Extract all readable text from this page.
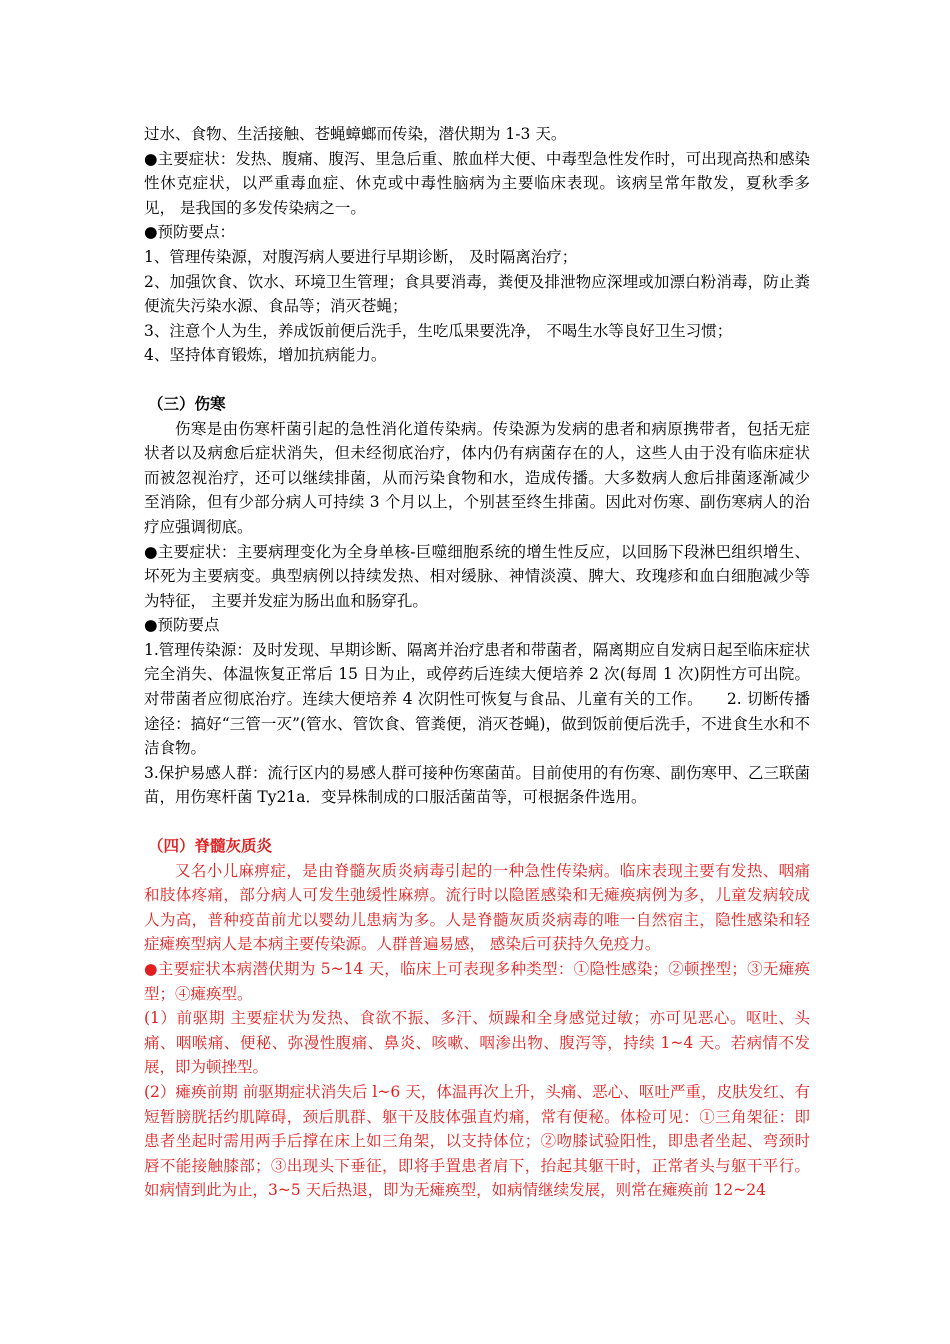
过水、食物、生活接触、苍蝇蟑螂而传染，潜伏期为 1-3 天。

●主要症状：发热、腹痛、腹泻、里急后重、脓血样大便、中毒型急性发作时，可出现高热和感染性休克症状，以严重毒血症、休克或中毒性脑病为主要临床表现。该病呈常年散发，夏秋季多见， 是我国的多发传染病之一。

●预防要点：

1、管理传染源，对腹泻病人要进行早期诊断， 及时隔离治疗；

2、加强饮食、饮水、环境卫生管理；食具要消毒，粪便及排泄物应深埋或加漂白粉消毒，防止粪便流失污染水源、食品等；消灭苍蝇；

3、注意个人为生，养成饭前便后洗手，生吃瓜果要洗净， 不喝生水等良好卫生习惯；

4、坚持体育锻炼，增加抗病能力。

（三）伤寒

伤寒是由伤寒杆菌引起的急性消化道传染病。传染源为发病的患者和病原携带者，包括无症状者以及病愈后症状消失，但未经彻底治疗，体内仍有病菌存在的人，这些人由于没有临床症状而被忽视治疗，还可以继续排菌，从而污染食物和水，造成传播。大多数病人愈后排菌逐渐减少至消除，但有少部分病人可持续 3 个月以上，个别甚至终生排菌。因此对伤寒、副伤寒病人的治疗应强调彻底。

●主要症状：主要病理变化为全身单核-巨噬细胞系统的增生性反应，以回肠下段淋巴组织增生、坏死为主要病变。典型病例以持续发热、相对缓脉、神情淡漠、脾大、玫瑰疹和血白细胞减少等为特征， 主要并发症为肠出血和肠穿孔。

●预防要点

1.管理传染源：及时发现、早期诊断、隔离并治疗患者和带菌者，隔离期应自发病日起至临床症状完全消失、体温恢复正常后 15 日为止，或停药后连续大便培养 2 次(每周 1 次)阴性方可出院。对带菌者应彻底治疗。连续大便培养 4 次阴性可恢复与食品、儿童有关的工作。　　2. 切断传播途径：搞好“三管一灭”(管水、管饮食、管粪便，消灭苍蝇)，做到饭前便后洗手，不进食生水和不洁食物。

3.保护易感人群：流行区内的易感人群可接种伤寒菌苗。目前使用的有伤寒、副伤寒甲、乙三联菌苗，用伤寒杆菌 Ty21a．变异株制成的口服活菌苗等，可根据条件选用。

（四）脊髓灰质炎

又名小儿麻痹症，是由脊髓灰质炎病毒引起的一种急性传染病。临床表现主要有发热、咽痛和肢体疼痛，部分病人可发生弛缓性麻痹。流行时以隐匿感染和无瘫痪病例为多，儿童发病较成人为高，普种疫苗前尤以婴幼儿患病为多。人是脊髓灰质炎病毒的唯一自然宿主，隐性感染和轻症瘫痪型病人是本病主要传染源。人群普遍易感， 感染后可获持久免疫力。

●主要症状本病潜伏期为 5~14 天，临床上可表现多种类型：①隐性感染；②顿挫型；③无瘫痪型；④瘫痪型。

(1）前驱期 主要症状为发热、食欲不振、多汗、烦躁和全身感觉过敏；亦可见恶心。呕吐、头痛、咽喉痛、便秘、弥漫性腹痛、鼻炎、咳嗽、咽渗出物、腹泻等，持续 1~4 天。若病情不发展，即为顿挫型。

(2）瘫痪前期 前驱期症状消失后 l~6 天，体温再次上升，头痛、恶心、呕吐严重，皮肤发红、有短暂膀胱括约肌障碍，颈后肌群、躯干及肢体强直灼痛，常有便秘。体检可见：①三角架征：即患者坐起时需用两手后撑在床上如三角架，以支持体位；②吻膝试验阳性，即患者坐起、弯颈时唇不能接触膝部；③出现头下垂征，即将手置患者肩下，抬起其躯干时，正常者头与躯干平行。如病情到此为止，3~5 天后热退，即为无瘫痪型，如病情继续发展，则常在瘫痪前 12~24
